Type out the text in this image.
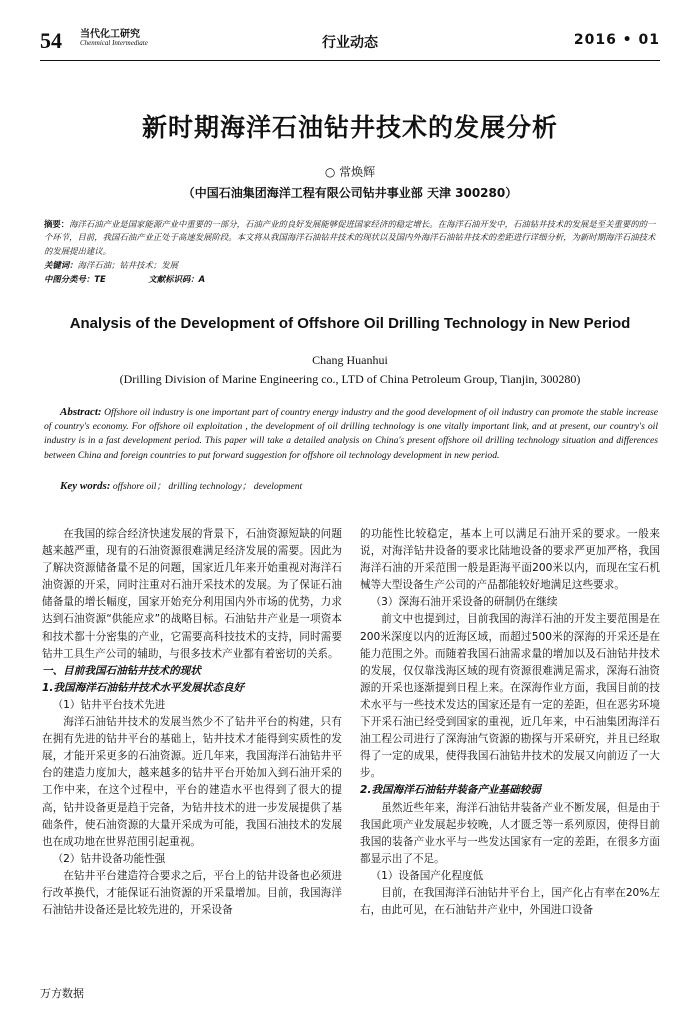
54 当代化工研究
Chenmical Intermediate	行业动态	2016 • 01
新时期海洋石油钻井技术的发展分析
○ 常焕辉
（中国石油集团海洋工程有限公司钻井事业部 天津 300280）
摘要：海洋石油产业是国家能源产业中重要的一部分，石油产业的良好发展能够促进国家经济的稳定增长。在海洋石油开发中，石油钻井技术的发展是至关重要的的一个环节，目前，我国石油产业正处于高速发展阶段。本文将从我国海洋石油钻井技术的现状以及国内外海洋石油钻井技术的差距进行详细分析，为新时期海洋石油技术的发展提出建议。
关键词：海洋石油；钻井技术；发展
中图分类号：TE	文献标识码：A
Analysis of the Development of Offshore Oil Drilling Technology in New Period
Chang Huanhui
(Drilling Division of Marine Engineering co., LTD of China Petroleum Group, Tianjin, 300280)
Abstract: Offshore oil industry is one important part of country energy industry and the good development of oil industry can promote the stable increase of country's economy. For offshore oil exploitation , the development of oil drilling technology is one vitally important link, and at present, our country's oil industry is in a fast development period. This paper will take a detailed analysis on China's present offshore oil drilling technology situation and differences between China and foreign countries to put forward suggestion for offshore oil technology development in new period.
Key words: offshore oil； drilling technology； development

在我国的综合经济快速发展的背景下，石油资源短缺的问题越来越严重，现有的石油资源很难满足经济发展的需要。因此为了解决资源储备量不足的问题，国家近几年来开始重视对海洋石油资源的开采，同时注重对石油开采技术的发展。为了保证石油储备量的增长幅度，国家开始充分利用国内外市场的优势，力求达到石油资源“供能应求”的战略目标。石油钻井产业是一项资本和技术都十分密集的产业，它需要高科技技术的支持，同时需要钻井工具生产公司的辅助，与很多技术产业都有着密切的关系。

一、目前我国石油钻井技术的现状

1.我国海洋石油钻井技术水平发展状态良好

（1）钻井平台技术先进

海洋石油钻井技术的发展当然少不了钻井平台的构建，只有在拥有先进的钻井平台的基础上，钻井技术才能得到实质性的发展，才能开采更多的石油资源。近几年来，我国海洋石油钻井平台的建造力度加大，越来越多的钻井平台开始加入到石油开采的工作中来，在这个过程中，平台的建造水平也得到了很大的提高，钻井设备更是趋于完备，为钻井技术的进一步发展提供了基础条件，使石油资源的大量开采成为可能，我国石油技术的发展也在成功地在世界范围引起重视。

（2）钻井设备功能性强

在钻井平台建造符合要求之后，平台上的钻井设备也必须进行改革换代，才能保证石油资源的开采量增加。目前，我国海洋石油钻井设备还是比较先进的，开采设备

的功能性比较稳定，基本上可以满足石油开采的要求。一般来说，对海洋钻井设备的要求比陆地设备的要求严更加严格，我国海洋石油的开采范围一般是距海平面200米以内，而现在宝石机械等大型设备生产公司的产品都能较好地满足这些要求。

（3）深海石油开采设备的研制仍在继续

前文中也提到过，目前我国的海洋石油的开发主要范围是在200米深度以内的近海区域，而超过500米的深海的开采还是在能力范围之外。而随着我国石油需求量的增加以及石油钻井技术的发展，仅仅靠浅海区域的现有资源很难满足需求，深海石油资源的开采也逐渐提到日程上来。在深海作业方面，我国目前的技术水平与一些技术发达的国家还是有一定的差距，但在恶劣环境下开采石油已经受到国家的重视，近几年来，中石油集团海洋石油工程公司进行了深海油气资源的勘探与开采研究，并且已经取得了一定的成果，使得我国石油钻井技术的发展又向前迈了一大步。

2.我国海洋石油钻井装备产业基础较弱

虽然近些年来，海洋石油钻井装备产业不断发展，但是由于我国此项产业发展起步较晚，人才匮乏等一系列原因，使得目前我国的装备产业水平与一些发达国家有一定的差距，在很多方面都显示出了不足。

（1）设备国产化程度低

目前，在我国海洋石油钻井平台上，国产化占有率在20%左右，由此可见，在石油钻井产业中，外国进口设备

万方数据
